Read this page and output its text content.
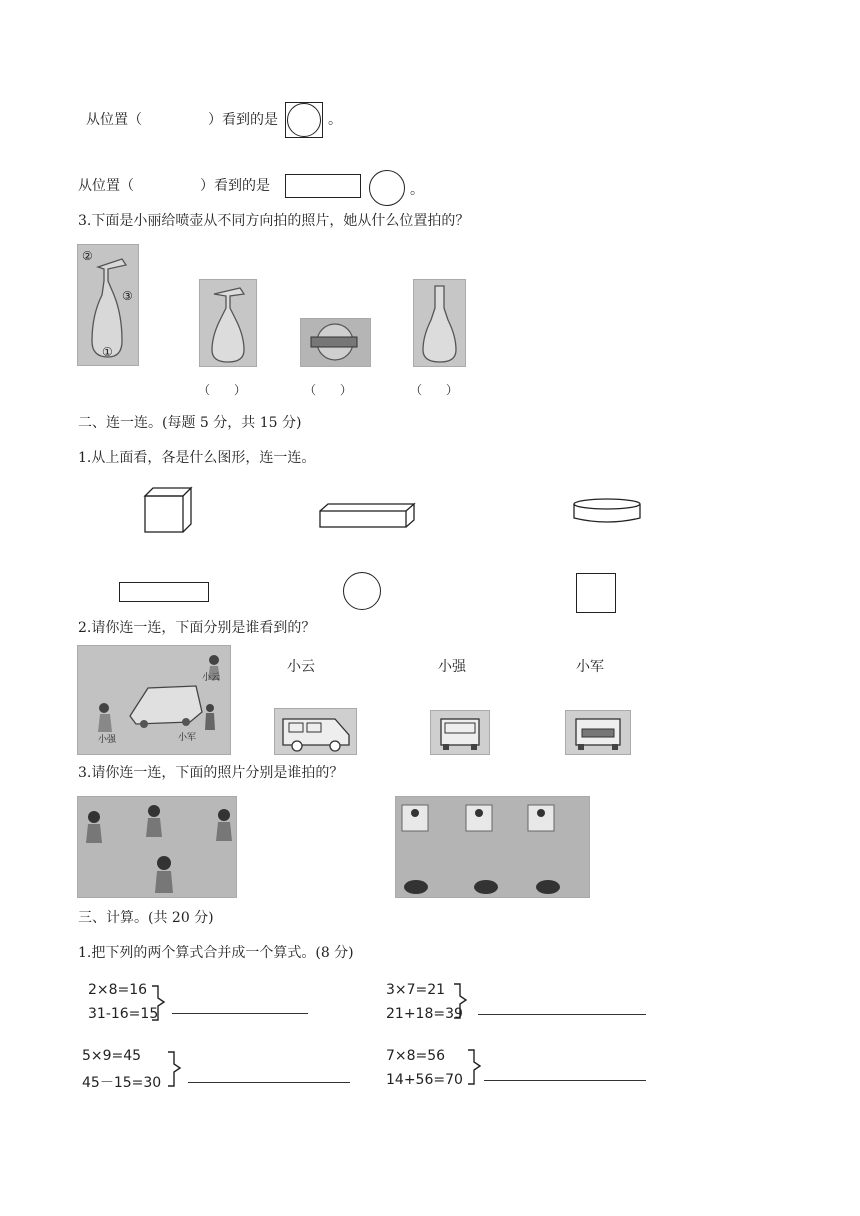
从位置（	）看到的是	。
从位置（	）看到的是	。
3.下面是小丽给喷壶从不同方向拍的照片，她从什么位置拍的？
②
③
①
（　　）	（　　）	（　　）
二、连一连。(每题 5 分，共 15 分)
1.从上面看，各是什么图形，连一连。
2.请你连一连，下面分别是谁看到的？
小云
小强	小军
小云	小强	小军
3.请你连一连，下面的照片分别是谁拍的？
三、计算。(共 20 分)
1.把下列的两个算式合并成一个算式。(8 分)
2×8=16
31-16=15
3×7=21
21+18=39
5×9=45
45－15=30
7×8=56
14+56=70
